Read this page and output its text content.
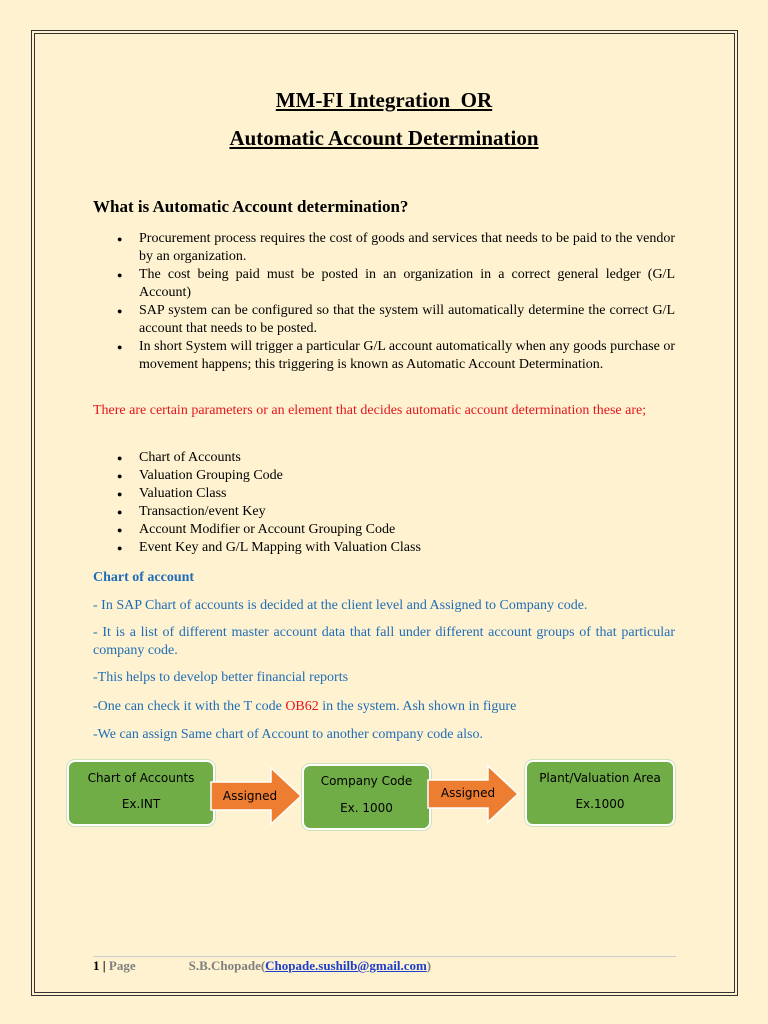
MM-FI Integration  OR
Automatic Account Determination
What is Automatic Account determination?
● Procurement process requires the cost of goods and services that needs to be paid to the vendor by an organization.
● The cost being paid must be posted in an organization in a correct general ledger (G/L Account)
● SAP system can be configured so that the system will automatically determine the correct G/L account that needs to be posted.
● In short System will trigger a particular G/L account automatically when any goods purchase or movement happens; this triggering is known as Automatic Account Determination.

There are certain parameters or an element that decides automatic account determination these are;

● Chart of Accounts
● Valuation Grouping Code
● Valuation Class
● Transaction/event Key
● Account Modifier or Account Grouping Code
● Event Key and G/L Mapping with Valuation Class

Chart of account

- In SAP Chart of accounts is decided at the client level and Assigned to Company code.

- It is a list of different master account data that fall under different account groups of that particular company code.

-This helps to develop better financial reports

-One can check it with the T code OB62 in the system. Ash shown in figure

-We can assign Same chart of Account to another company code also.

Chart of Accounts
Ex.INT
Assigned
Company Code
Ex. 1000
Assigned
Plant/Valuation Area
Ex.1000
1 | Page	S.B.Chopade(Chopade.sushilb@gmail.com)
